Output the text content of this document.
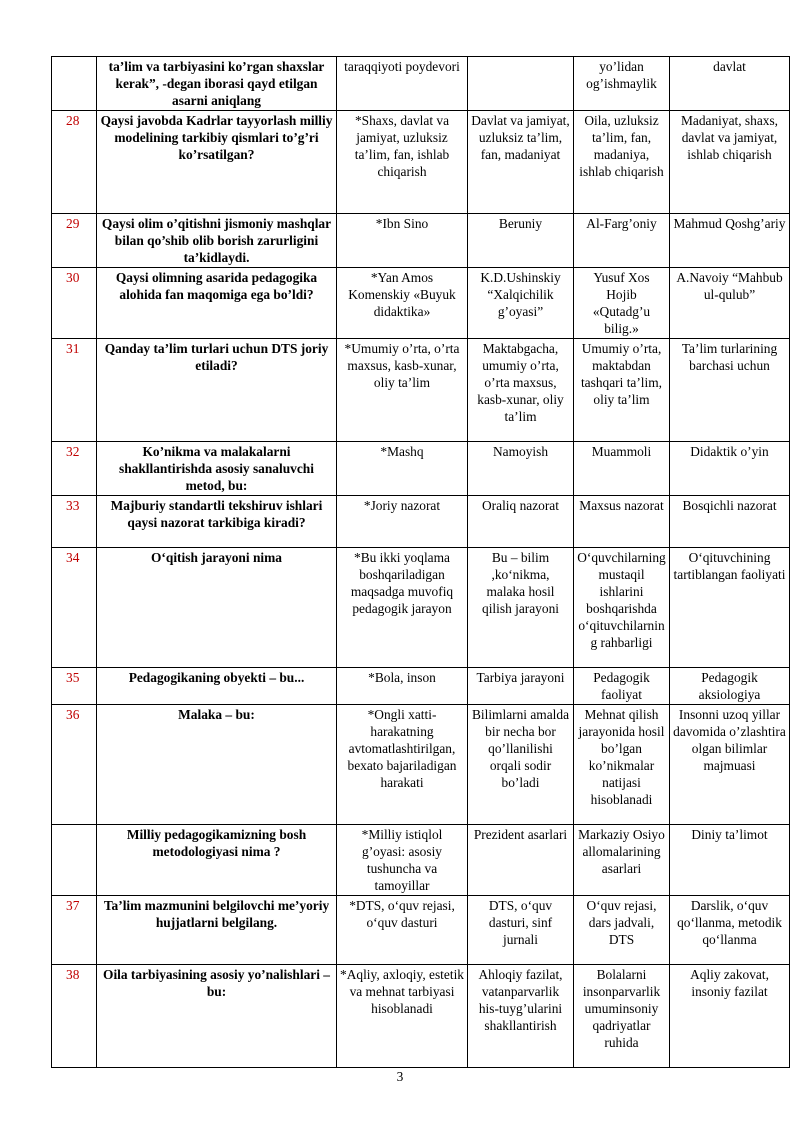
	ta’lim va tarbiyasini ko’rgan shaxslar kerak”, -degan iborasi qayd etilgan asarni aniqlang	taraqqiyoti poydevori		yo’lidan og’ishmaylik	davlat
28	Qaysi javobda Kadrlar tayyorlash milliy modelining tarkibiy qismlari to’g’ri ko’rsatilgan?	*Shaxs, davlat va jamiyat, uzluksiz ta’lim, fan, ishlab chiqarish	Davlat va jamiyat, uzluksiz ta’lim, fan, madaniyat	Oila, uzluksiz ta’lim, fan, madaniya, ishlab chiqarish	Madaniyat, shaxs, davlat va jamiyat, ishlab chiqarish
29	Qaysi olim o’qitishni jismoniy mashqlar bilan qo’shib olib borish zarurligini ta’kidlaydi.	*Ibn Sino	Beruniy	Al-Farg’oniy	Mahmud Qoshg’ariy
30	Qaysi olimning asarida pedagogika alohida fan maqomiga ega bo’ldi?	*Yan Amos Komenskiy «Buyuk didaktika»	K.D.Ushinskiy “Xalqichilik g’oyasi”	Yusuf Xos Hojib «Qutadg’u bilig.»	A.Navoiy “Mahbub ul-qulub”
31	Qanday ta’lim turlari uchun DTS joriy etiladi?	*Umumiy o’rta, o’rta maxsus, kasb-xunar, oliy ta’lim	Maktabgacha, umumiy o’rta, o’rta maxsus, kasb-xunar, oliy ta’lim	Umumiy o’rta, maktabdan tashqari ta’lim, oliy ta’lim	Ta’lim turlarining barchasi uchun
32	Ko’nikma va malakalarni shakllantirishda asosiy sanaluvchi metod, bu:	*Mashq	Namoyish	Muammoli	Didaktik o’yin
33	Majburiy standartli tekshiruv ishlari qaysi nazorat tarkibiga kiradi?	*Joriy nazorat	Oraliq nazorat	Maxsus nazorat	Bosqichli nazorat
34	O‘qitish jarayoni nima	*Bu ikki yoqlama boshqariladigan maqsadga muvofiq pedagogik jarayon	Bu – bilim ,ko‘nikma, malaka hosil qilish jarayoni	O‘quvchilarning mustaqil ishlarini boshqarishda o‘qituvchilarning rahbarligi	O‘qituvchining tartiblangan faoliyati
35	Pedagogikaning obyekti – bu...	*Bola, inson	Tarbiya jarayoni	Pedagogik faoliyat	Pedagogik aksiologiya
36	Malaka – bu:	*Ongli xatti-harakatning avtomatlashtirilgan, bexato bajariladigan harakati	Bilimlarni amalda bir necha bor qo’llanilishi orqali sodir bo’ladi	Mehnat qilish jarayonida hosil bo’lgan ko’nikmalar natijasi hisoblanadi	Insonni uzoq yillar davomida o’zlashtira olgan bilimlar majmuasi
	Milliy pedagogikamizning bosh metodologiyasi nima ?	*Milliy istiqlol g’oyasi: asosiy tushuncha va tamoyillar	Prezident asarlari	Markaziy Osiyo allomalarining asarlari	Diniy ta’limot
37	Ta’lim mazmunini belgilovchi me’yoriy hujjatlarni belgilang.	*DTS, o‘quv rejasi, o‘quv dasturi	DTS, o‘quv dasturi, sinf jurnali	O‘quv rejasi, dars jadvali, DTS	Darslik, o‘quv qo‘llanma, metodik qo‘llanma
38	Oila tarbiyasining asosiy yo’nalishlari – bu:	*Aqliy, axloqiy, estetik va mehnat tarbiyasi hisoblanadi	Ahloqiy fazilat, vatanparvarlik his-tuyg’ularini shakllantirish	Bolalarni insonparvarlik umuminsoniy qadriyatlar ruhida	Aqliy zakovat, insoniy fazilat
3
